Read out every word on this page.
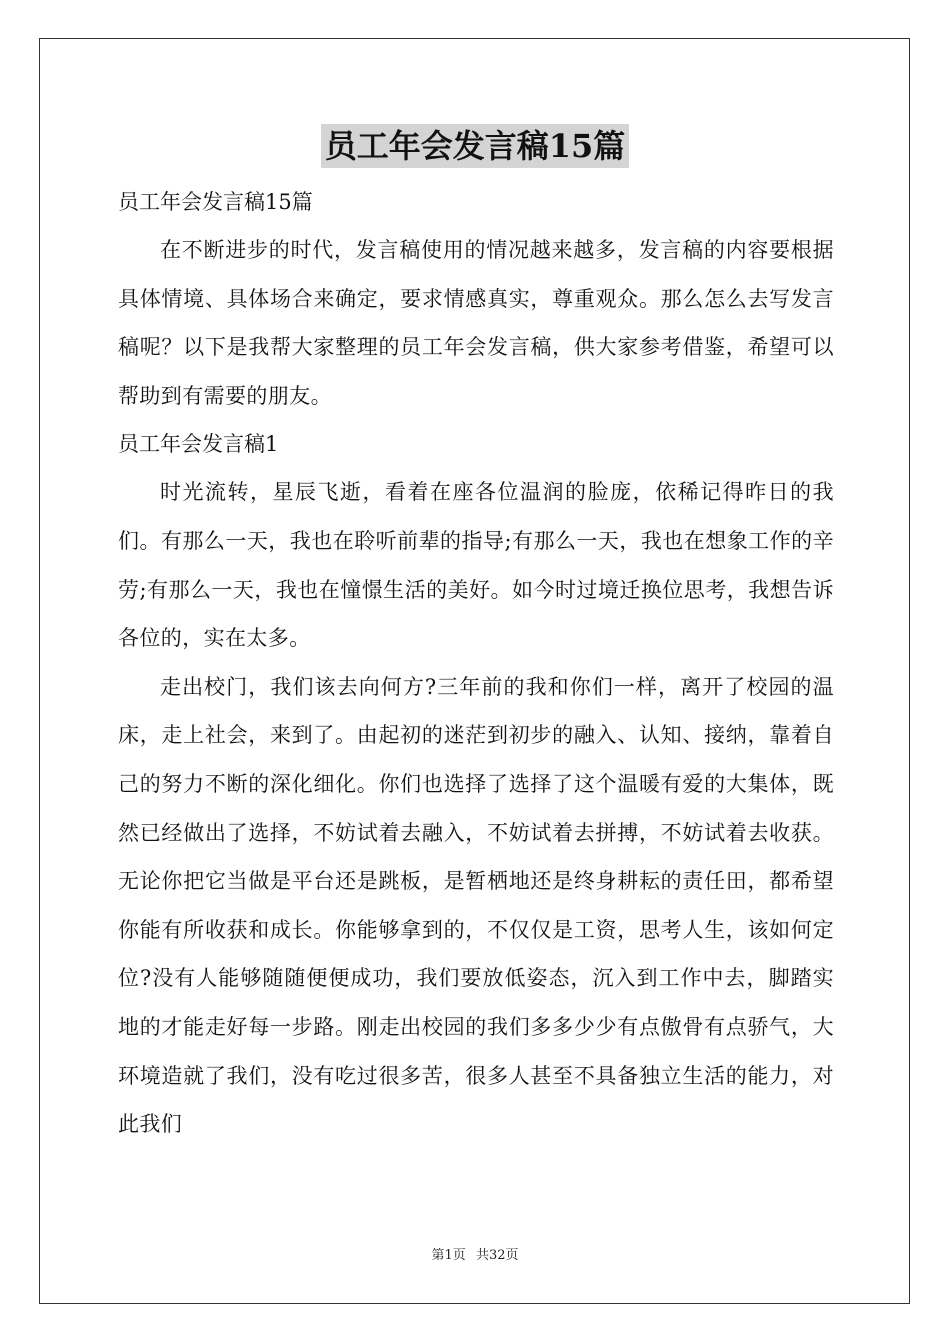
员工年会发言稿15篇

员工年会发言稿15篇

在不断进步的时代，发言稿使用的情况越来越多，发言稿的内容要根据具体情境、具体场合来确定，要求情感真实，尊重观众。那么怎么去写发言稿呢？以下是我帮大家整理的员工年会发言稿，供大家参考借鉴，希望可以帮助到有需要的朋友。

员工年会发言稿1

时光流转，星辰飞逝，看着在座各位温润的脸庞，依稀记得昨日的我们。有那么一天，我也在聆听前辈的指导;有那么一天，我也在想象工作的辛劳;有那么一天，我也在憧憬生活的美好。如今时过境迁换位思考，我想告诉各位的，实在太多。

走出校门，我们该去向何方?三年前的我和你们一样，离开了校园的温床，走上社会，来到了。由起初的迷茫到初步的融入、认知、接纳，靠着自己的努力不断的深化细化。你们也选择了选择了这个温暖有爱的大集体，既然已经做出了选择，不妨试着去融入，不妨试着去拼搏，不妨试着去收获。无论你把它当做是平台还是跳板，是暂栖地还是终身耕耘的责任田，都希望你能有所收获和成长。你能够拿到的，不仅仅是工资，思考人生，该如何定位?没有人能够随随便便成功，我们要放低姿态，沉入到工作中去，脚踏实地的才能走好每一步路。刚走出校园的我们多多少少有点傲骨有点骄气，大环境造就了我们，没有吃过很多苦，很多人甚至不具备独立生活的能力，对此我们

第1页 共32页
